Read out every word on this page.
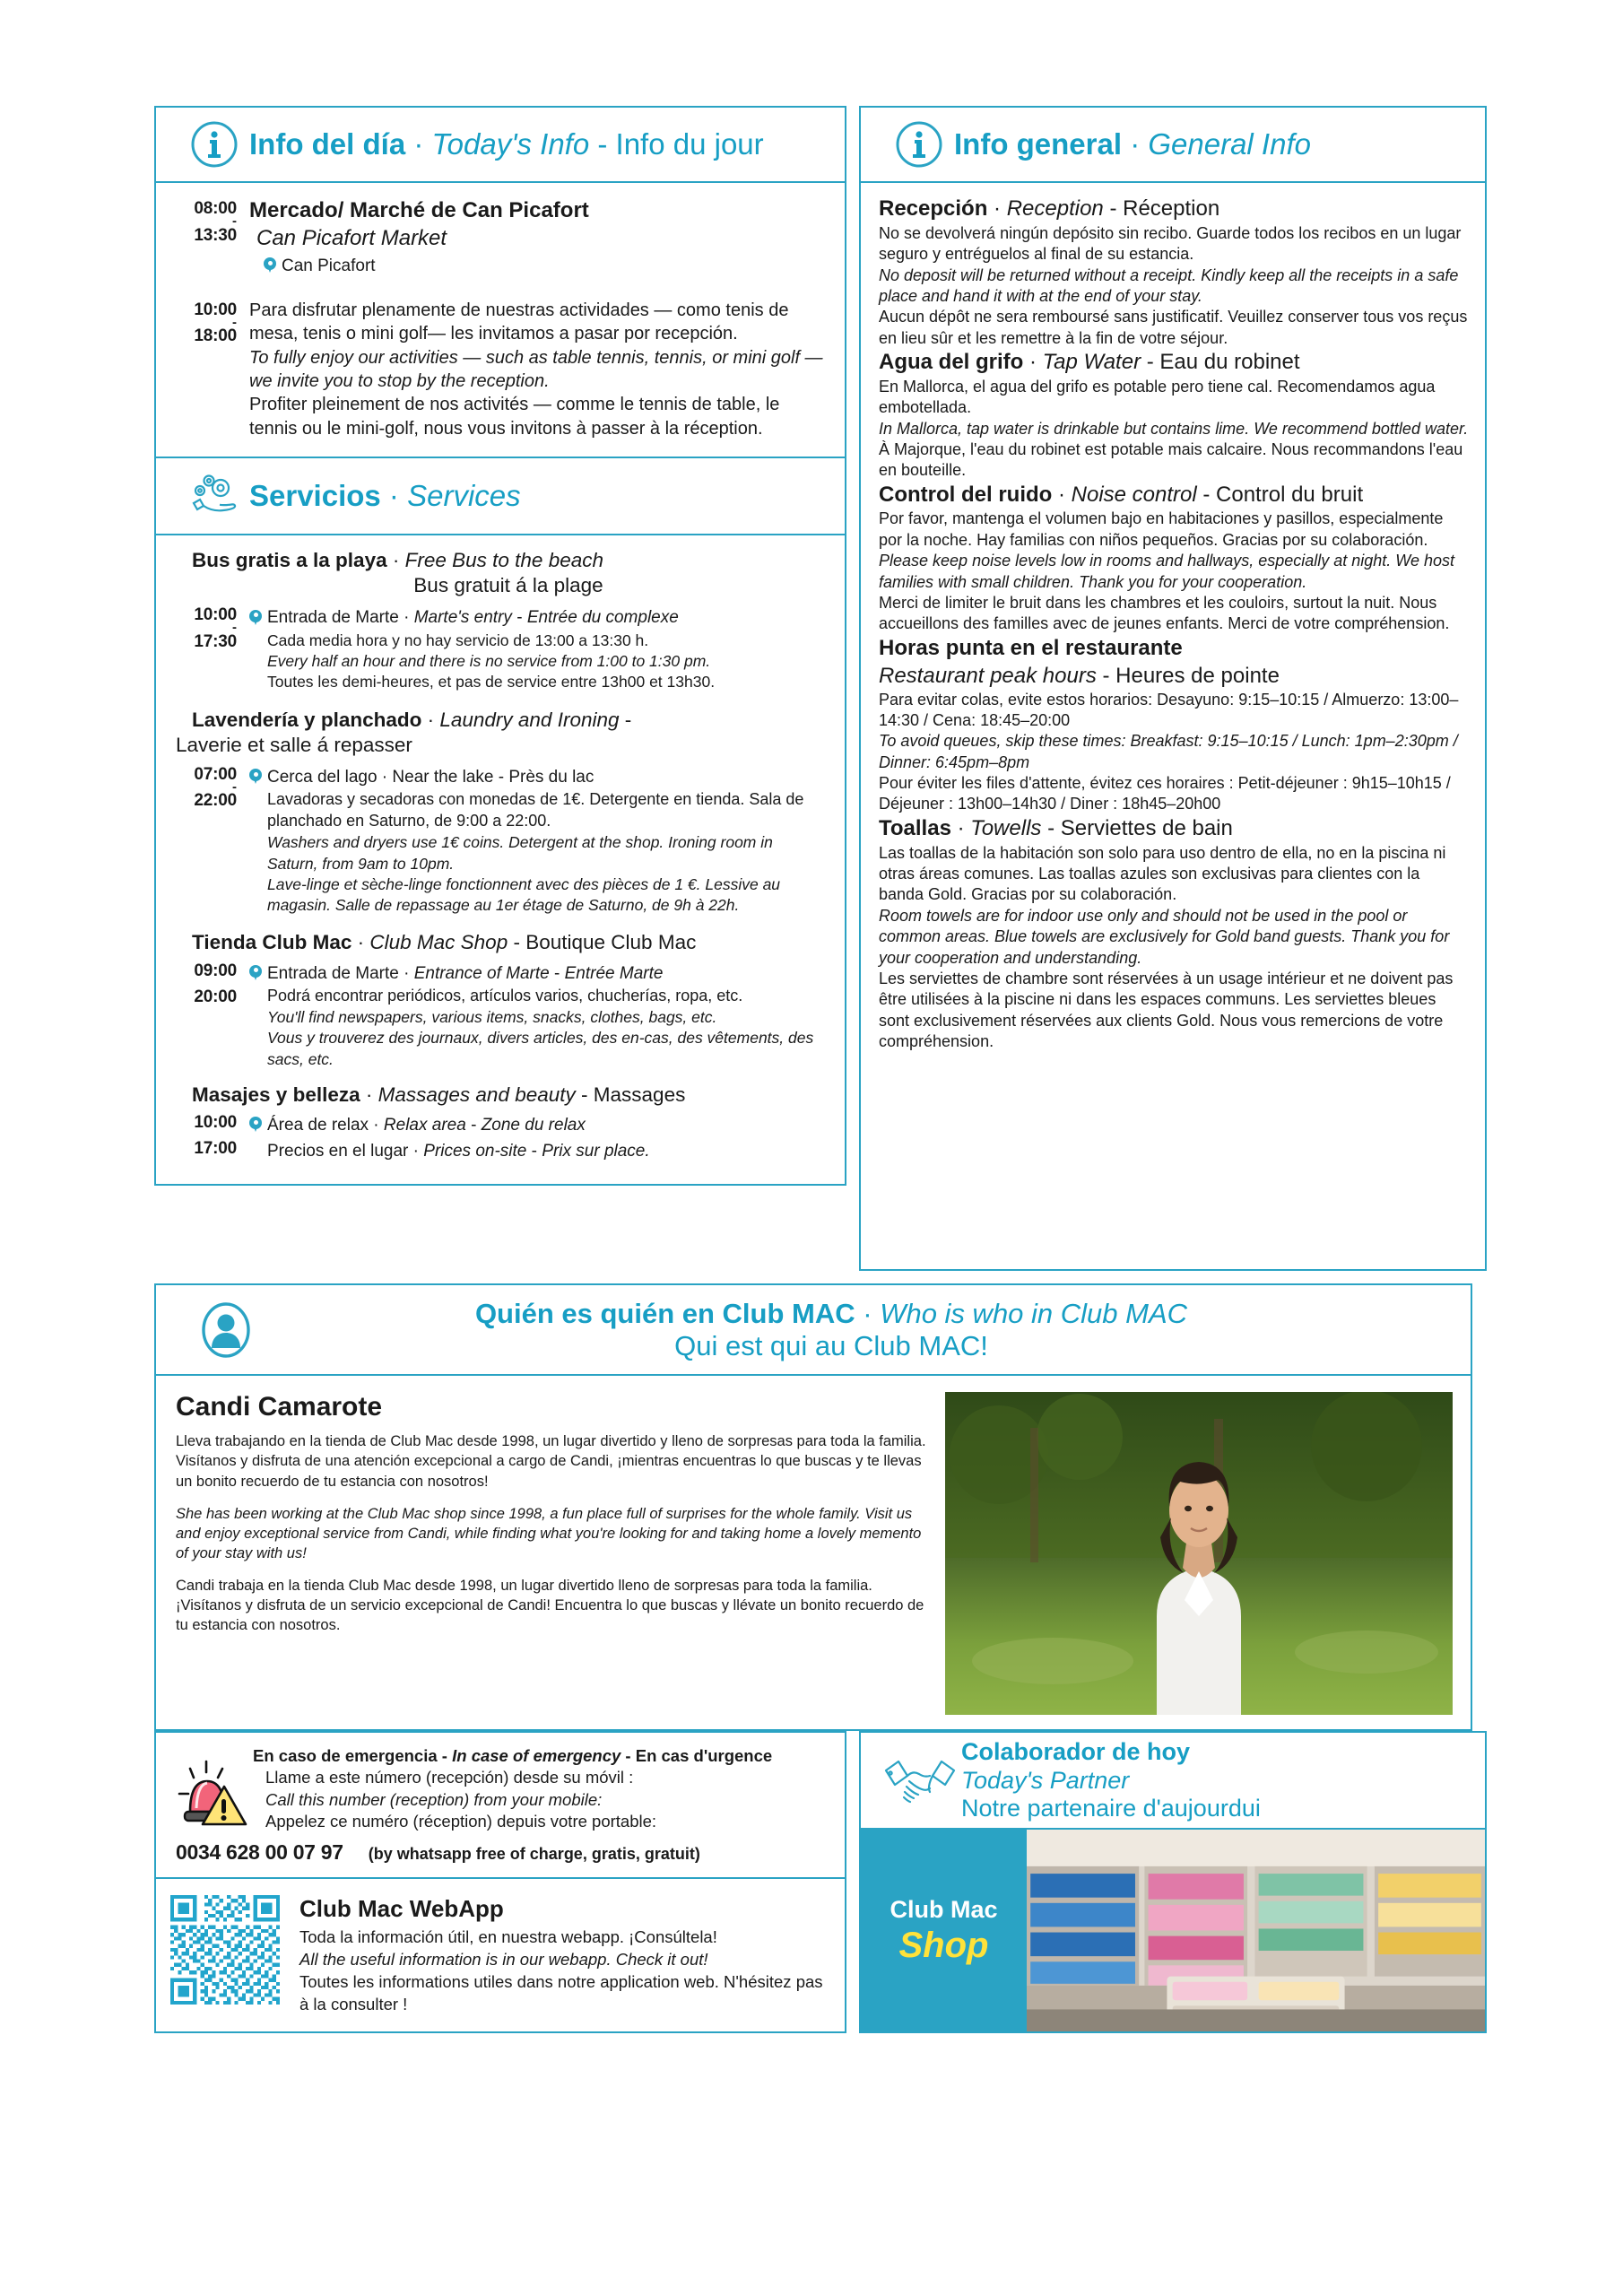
Info del día · Today's Info - Info du jour
08:00
-
13:30
Mercado/ Marché de Can Picafort
Can Picafort Market
Can Picafort
10:00
-
18:00
Para disfrutar plenamente de nuestras actividades — como tenis de mesa, tenis o mini golf— les invitamos a pasar por recepción.
To fully enjoy our activities — such as table tennis, tennis, or mini golf — we invite you to stop by the reception.
Profiter pleinement de nos activités — comme le tennis de table, le tennis ou le mini-golf, nous vous invitons à passer à la réception.
Servicios · Services
Bus gratis a la playa · Free Bus to the beach
Bus gratuit á la plage
10:00
-
17:30
Entrada de Marte · Marte's entry - Entrée du complexe
Cada media hora y no hay servicio de 13:00 a 13:30 h.
Every half an hour and there is no service from 1:00 to 1:30 pm.
Toutes les demi-heures, et pas de service entre 13h00 et 13h30.
Lavendería y planchado · Laundry and Ironing -
Laverie et salle á repasser
07:00
-
22:00
Cerca del lago · Near the lake - Près du lac
Lavadoras y secadoras con monedas de 1€. Detergente en tienda. Sala de planchado en Saturno, de 9:00 a 22:00.
Washers and dryers use 1€ coins. Detergent at the shop. Ironing room in Saturn, from 9am to 10pm.
Lave-linge et sèche-linge fonctionnent avec des pièces de 1 €. Lessive au magasin. Salle de repassage au 1er étage de Saturno, de 9h à 22h.
Tienda Club Mac · Club Mac Shop - Boutique Club Mac
09:00
20:00
Entrada de Marte · Entrance of Marte - Entrée Marte
Podrá encontrar periódicos, artículos varios, chucherías, ropa, etc.
You'll find newspapers, various items, snacks, clothes, bags, etc.
Vous y trouverez des journaux, divers articles, des en-cas, des vêtements, des sacs, etc.
Masajes y belleza · Massages and beauty - Massages
10:00
17:00
Área de relax · Relax area - Zone du relax
Precios en el lugar · Prices on-site - Prix sur place.
Info general · General Info
Recepción · Reception - Réception
No se devolverá ningún depósito sin recibo. Guarde todos los recibos en un lugar seguro y entréguelos al final de su estancia.
No deposit will be returned without a receipt. Kindly keep all the receipts in a safe place and hand it with at the end of your stay.
Aucun dépôt ne sera remboursé sans justificatif. Veuillez conserver tous vos reçus en lieu sûr et les remettre à la fin de votre séjour.
Agua del grifo · Tap Water - Eau du robinet
En Mallorca, el agua del grifo es potable pero tiene cal. Recomendamos agua embotellada.
In Mallorca, tap water is drinkable but contains lime. We recommend bottled water.
À Majorque, l'eau du robinet est potable mais calcaire. Nous recommandons l'eau en bouteille.
Control del ruido · Noise control - Control du bruit
Por favor, mantenga el volumen bajo en habitaciones y pasillos, especialmente por la noche. Hay familias con niños pequeños. Gracias por su colaboración.
Please keep noise levels low in rooms and hallways, especially at night. We host families with small children. Thank you for your cooperation.
Merci de limiter le bruit dans les chambres et les couloirs, surtout la nuit. Nous accueillons des familles avec de jeunes enfants. Merci de votre compréhension.
Horas punta en el restaurante
Restaurant peak hours - Heures de pointe
Para evitar colas, evite estos horarios: Desayuno: 9:15–10:15 / Almuerzo: 13:00–14:30 / Cena: 18:45–20:00
To avoid queues, skip these times: Breakfast: 9:15–10:15 / Lunch: 1pm–2:30pm / Dinner: 6:45pm–8pm
Pour éviter les files d'attente, évitez ces horaires : Petit-déjeuner : 9h15–10h15 / Déjeuner : 13h00–14h30 / Diner : 18h45–20h00
Toallas · Towells - Serviettes de bain
Las toallas de la habitación son solo para uso dentro de ella, no en la piscina ni otras áreas comunes. Las toallas azules son exclusivas para clientes con la banda Gold. Gracias por su colaboración.
Room towels are for indoor use only and should not be used in the pool or common areas. Blue towels are exclusively for Gold band guests. Thank you for your cooperation and understanding.
Les serviettes de chambre sont réservées à un usage intérieur et ne doivent pas être utilisées à la piscine ni dans les espaces communs. Les serviettes bleues sont exclusivement réservées aux clients Gold. Nous vous remercions de votre compréhension.
Quién es quién en Club MAC · Who is who in Club MAC
Qui est qui au Club MAC!
Candi Camarote
Lleva trabajando en la tienda de Club Mac desde 1998, un lugar divertido y lleno de sorpresas para toda la familia. Visítanos y disfruta de una atención excepcional a cargo de Candi, ¡mientras encuentras lo que buscas y te llevas un bonito recuerdo de tu estancia con nosotros!
She has been working at the Club Mac shop since 1998, a fun place full of surprises for the whole family. Visit us and enjoy exceptional service from Candi, while finding what you're looking for and taking home a lovely memento of your stay with us!
Candi trabaja en la tienda Club Mac desde 1998, un lugar divertido lleno de sorpresas para toda la familia. ¡Visítanos y disfruta de un servicio excepcional de Candi! Encuentra lo que buscas y llévate un bonito recuerdo de tu estancia con nosotros.
En caso de emergencia - In case of emergency - En cas d'urgence
Llame a este número (recepción) desde su móvil :
Call this number (reception) from your mobile:
Appelez ce numéro (réception) depuis votre portable:
0034 628 00 07 97 (by whatsapp free of charge, gratis, gratuit)
Club Mac WebApp
Toda la información útil, en nuestra webapp. ¡Consúltela!
All the useful information is in our webapp. Check it out!
Toutes les informations utiles dans notre application web. N'hésitez pas à la consulter !
Colaborador de hoy
Today's Partner
Notre partenaire d'aujourdui
Club Mac
Shop
